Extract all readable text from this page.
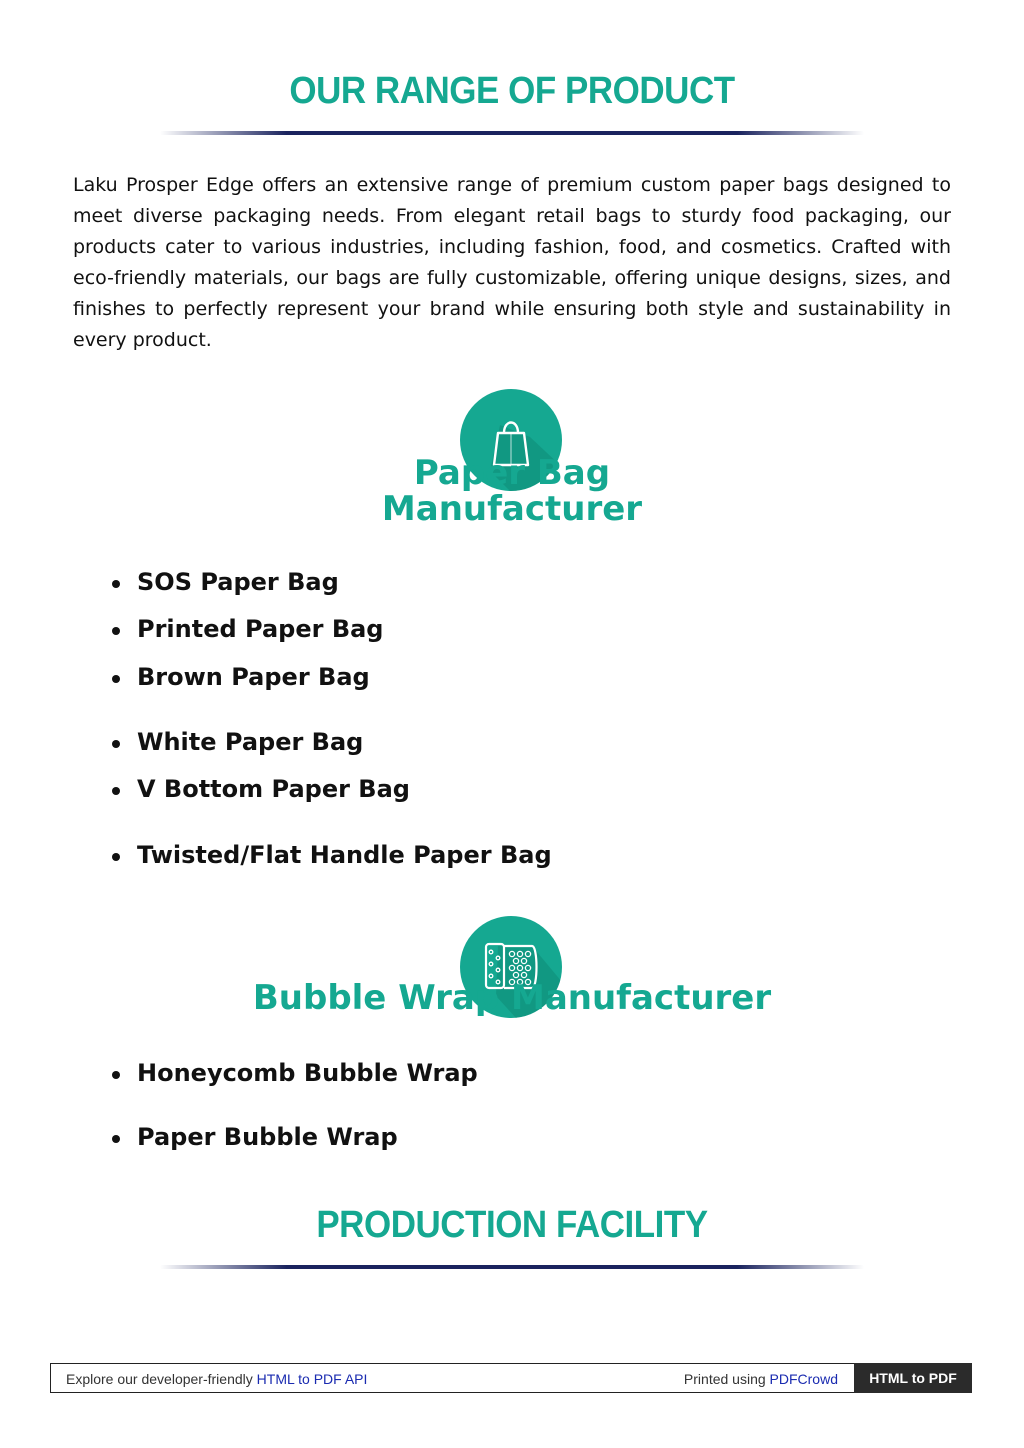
OUR RANGE OF PRODUCT

Laku Prosper Edge offers an extensive range of premium custom paper bags designed to meet diverse packaging needs. From elegant retail bags to sturdy food packaging, our products cater to various industries, including fashion, food, and cosmetics. Crafted with eco-friendly materials, our bags are fully customizable, offering unique designs, sizes, and finishes to perfectly represent your brand while ensuring both style and sustainability in every product.

Paper Bag
Manufacturer
SOS Paper Bag
Printed Paper Bag
Brown Paper Bag
White Paper Bag
V Bottom Paper Bag
Twisted/Flat Handle Paper Bag
Bubble Wrap Manufacturer
Honeycomb Bubble Wrap
Paper Bubble Wrap
PRODUCTION FACILITY
Explore our developer-friendly HTML to PDF API	Printed using PDFCrowd	HTML to PDF
